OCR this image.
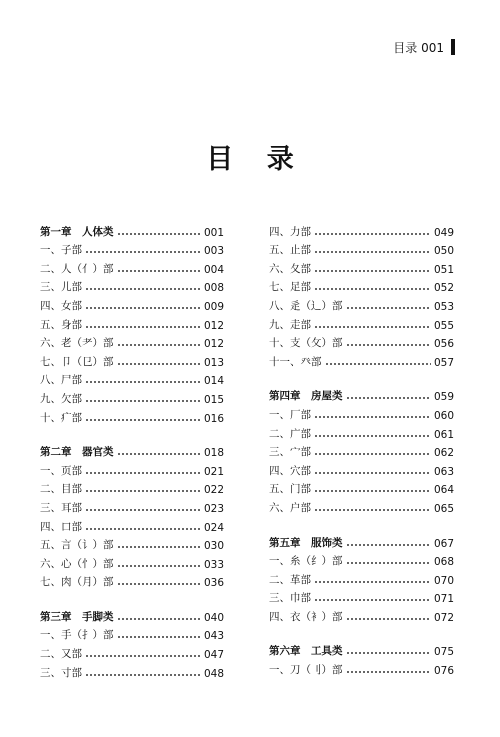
目录 001
目 录
第一章　人体类	001
一、子部	003
二、人（亻）部	004
三、儿部	008
四、女部	009
五、身部	012
六、老（耂）部	012
七、卩（㔾）部	013
八、尸部	014
九、欠部	015
十、疒部	016
第二章　器官类	018
一、页部	021
二、目部	022
三、耳部	023
四、口部	024
五、言（讠）部	030
六、心（忄）部	033
七、肉（月）部	036
第三章　手脚类	040
一、手（扌）部	043
二、又部	047
三、寸部	048
四、力部	049
五、止部	050
六、夂部	051
七、足部	052
八、辵（辶）部	053
九、走部	055
十、支（攵）部	056
十一、癶部	057
第四章　房屋类	059
一、厂部	060
二、广部	061
三、宀部	062
四、穴部	063
五、门部	064
六、户部	065
第五章　服饰类	067
一、糸（纟）部	068
二、革部	070
三、巾部	071
四、衣（衤）部	072
第六章　工具类	075
一、刀（刂）部	076
